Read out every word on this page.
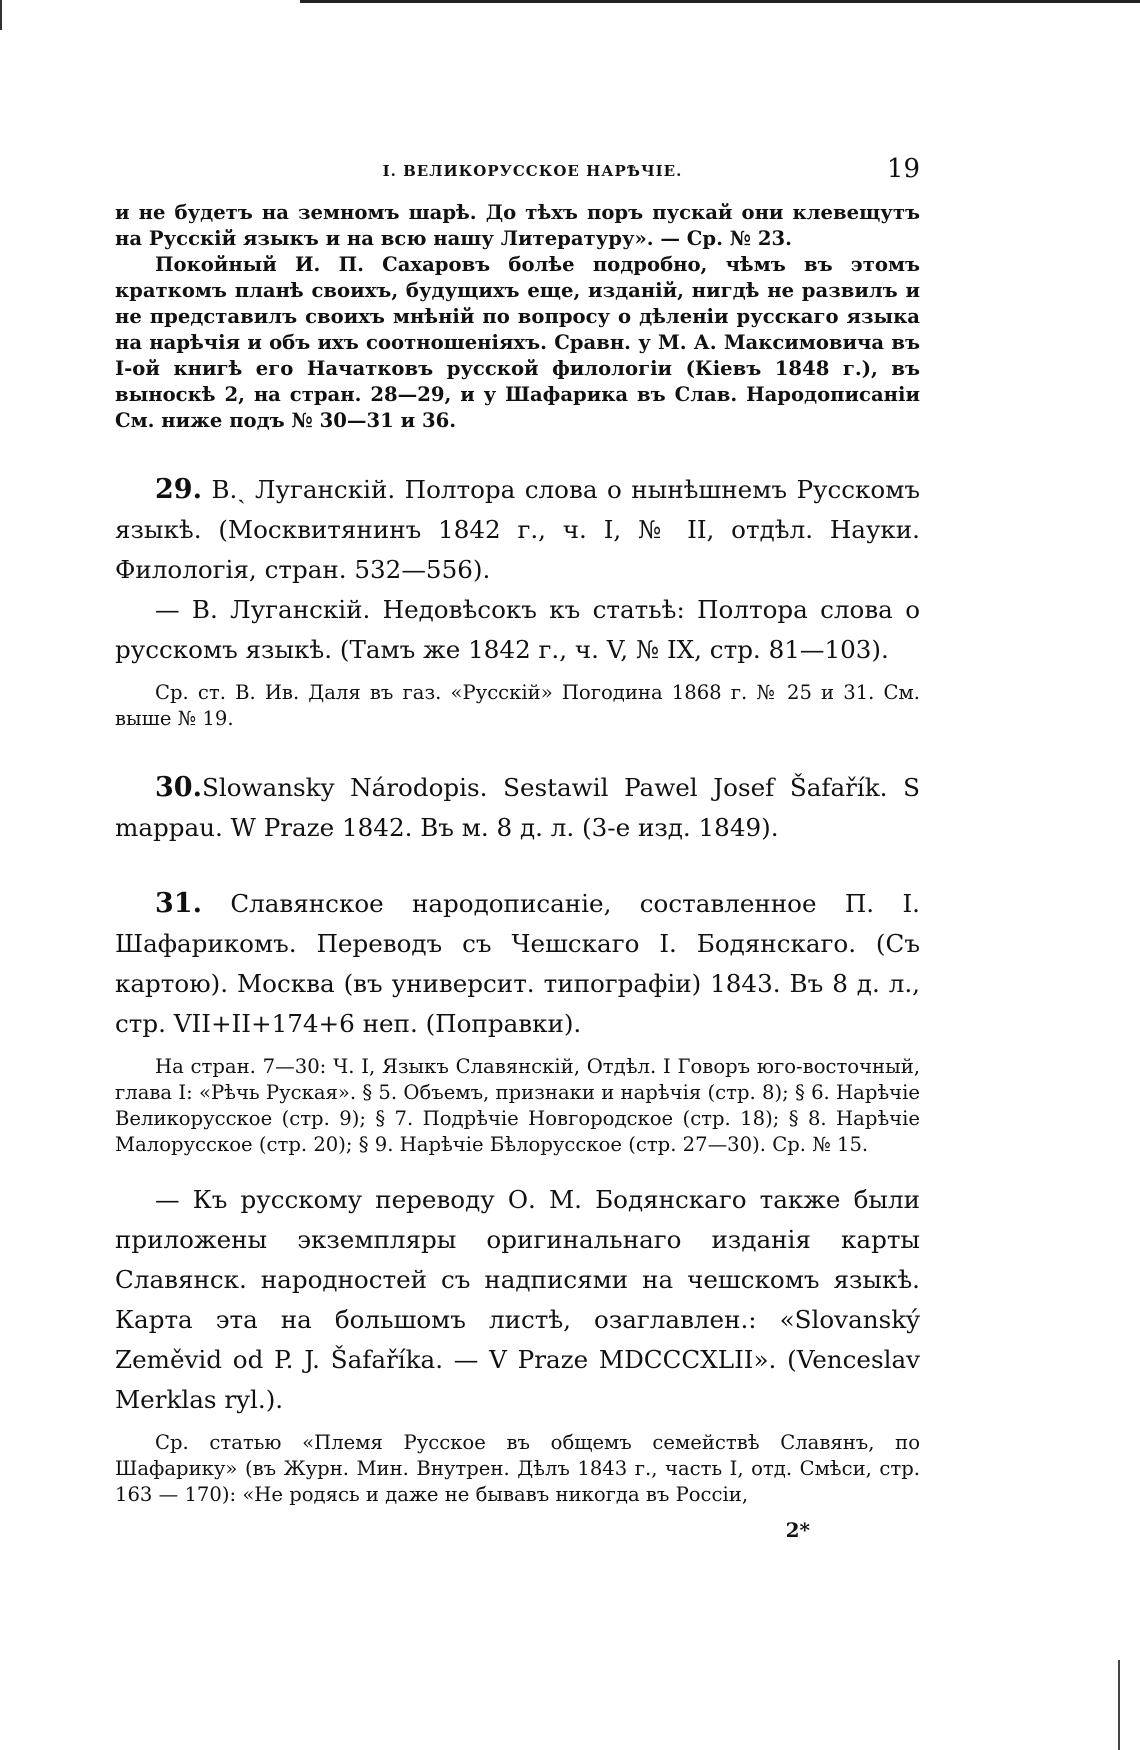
I. ВЕЛИКОРУССКОЕ НАРѢЧІЕ.	19

и не будетъ на земномъ шарѣ. До тѣхъ поръ пускай они клевещутъ на Русскій языкъ и на всю нашу Литературу». — Ср. № 23.

Покойный И. П. Сахаровъ болѣе подробно, чѣмъ въ этомъ краткомъ планѣ своихъ, будущихъ еще, изданій, нигдѣ не развилъ и не представилъ своихъ мнѣній по вопросу о дѣленіи русскаго языка на нарѣчія и объ ихъ соотношеніяхъ. Сравн. у М. А. Максимовича въ I-ой книгѣ его Начатковъ русской филологіи (Кіевъ 1848 г.), въ выноскѣ 2, на стран. 28—29, и у Шафарика въ Слав. Народописаніи См. ниже подъ № 30—31 и 36.

29. В.ˎ Луганскій. Полтора слова о нынѣшнемъ Русскомъ языкѣ. (Москвитянинъ 1842 г., ч. I, № II, отдѣл. Науки. Филологія, стран. 532—556).

— В. Луганскій. Недовѣсокъ къ статьѣ: Полтора слова о русскомъ языкѣ. (Тамъ же 1842 г., ч. V, № IX, стр. 81—103).

Ср. ст. В. Ив. Даля въ газ. «Русскій» Погодина 1868 г. № 25 и 31. См. выше № 19.

30.Slowansky Národopis. Sestawil Pawel Josef Šafařík. S mappau. W Praze 1842. Въ м. 8 д. л. (3-е изд. 1849).

31. Славянское народописаніе, составленное П. I. Шафарикомъ. Переводъ съ Чешскаго I. Бодянскаго. (Съ картою). Москва (въ университ. типографіи) 1843. Въ 8 д. л., стр. VII+II+174+6 неп. (Поправки).

На стран. 7—30: Ч. I, Языкъ Славянскій, Отдѣл. I Говоръ юго-восточный, глава I: «Рѣчь Руская». § 5. Объемъ, признаки и нарѣчія (стр. 8); § 6. Нарѣчіе Великорусское (стр. 9); § 7. Подрѣчіе Новгородское (стр. 18); § 8. Нарѣчіе Малорусское (стр. 20); § 9. Нарѣчіе Бѣлорусское (стр. 27—30). Ср. № 15.

— Къ русскому переводу О. М. Бодянскаго также были приложены экземпляры оригинальнаго изданія карты Славянск. народностей съ надписями на чешскомъ языкѣ. Карта эта на большомъ листѣ, озаглавлен.: «Slovanský Zeměvid od P. J. Šafaříka. — V Praze MDCCCXLII». (Venceslav Merklas ryl.).

Ср. статью «Племя Русское въ общемъ семействѣ Славянъ, по Шафарику» (въ Журн. Мин. Внутрен. Дѣлъ 1843 г., часть I, отд. Смѣси, стр. 163 — 170): «Не родясь и даже не бывавъ никогда въ Россіи,

2*
